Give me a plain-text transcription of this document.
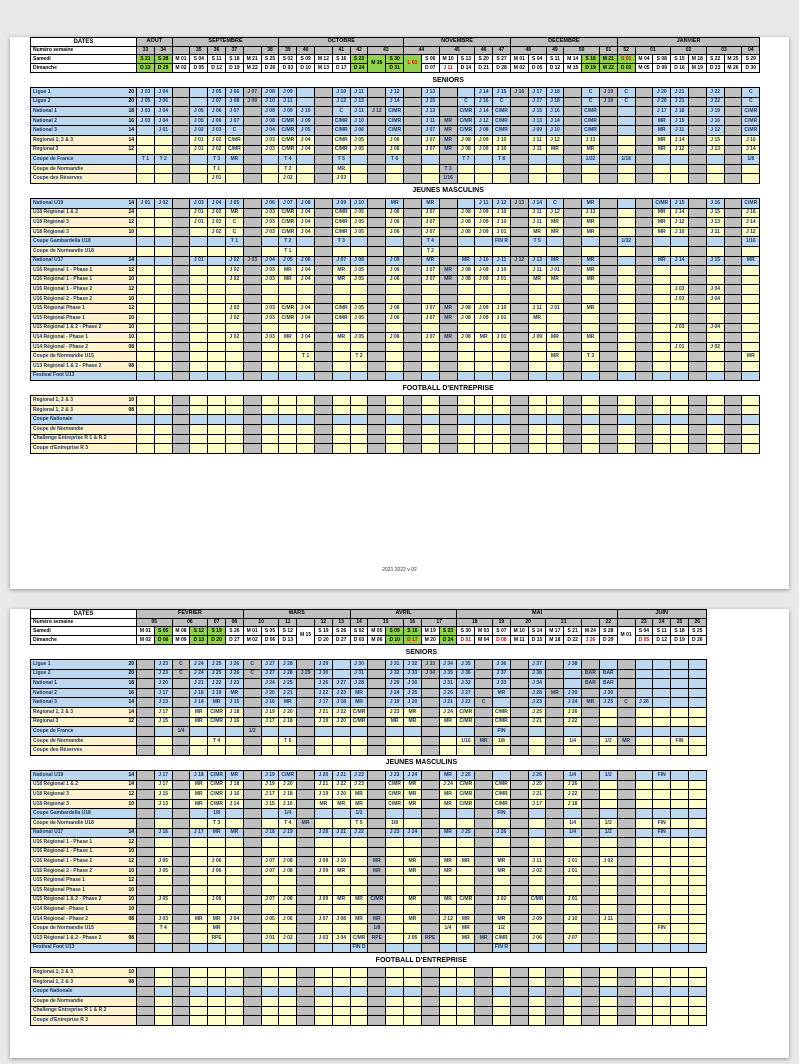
DATES	AOUT		SEPTEMBRE						OCTOBRE							NOVEMBRE						DECEMBRE						JANVIER							
Numéro semaine	33	34		35	36	37		38	39	40		41	42	43		44		45		46	47	48		49	50		51	52	01		02		03		04
Samedi	S 21	S 28	M 01	S 04	S 11	S 18	M 21	S 25	S 02	S 09	M 12	S 16	S 23	M 26	S 30	L 01	S 06	M 10	S 13	S 20	S 27	M 01	S 04	S 11	M 14	S 18	M 21	S 01	M 04	S 08	S 15	M 18	S 22	M 25	S 29
Dimanche	D 22	D 29	M 02	D 05	D 12	D 19	M 22	D 26	D 03	D 10	M 13	D 17	D 24		D 31		D 07	J 11	D 14	D 21	D 28	M 02	D 05	D 12	M 15	D 19	M 22	D 02	M 05	D 09	D 16	M 19	D 23	M 26	D 30
	SENIORS																																		

Ligue 1 20	J 03	J 04			J 05	J 06	J 07	J 08	J 09			J 10	J 11		J 12		J 13			J 14	J 15	J 16	J 17	J 18		C	J 19	C		J 20	J 21		J 22		C

Ligue 2 20	J 05	J 06			J 07	J 08	J 09	J 10	J 11			J 12	J 13		J 14		J 15		C	J 16	C		J 17	J 18		C	J 19	C		J 20	J 21		J 22		C

National 1 18	J 03	J 04		J 05	J 06	J 07		J 08	J 09	J 10		C	J 11	J 12	C/MR		J 13		C/MR	J 14	C/MR		J 15	J 16		C/MR				J 17	J 18		J 19		C/MR

National 2 16	J 03	J 04		J 05	J 06	J 07		J 08	C/MR	J 09		C/MR	J 10		C/MR		J 11	MR	C/MR	J 12	C/MR		J 13	J 14		C/MR				MR	J 15		J 16		C/MR

National 3 14		J 01		J 02	J 03	C		J 04	C/MR	J 05		C/MR	J 06		C/MR		J 07	MR	C/MR	J 08	C/MR		J 09	J 10		C/MR				MR	J 11		J 12		C/MR

Régional 1, 2 & 3 14				J 01	J 02	C/MR		J 03	C/MR	J 04		C/MR	J 05		J 06		J 07	MR	J 08	J 09	J 10		J 11	J 12		J 13				MR	J 14		J 15		J 16

Régional 3 12				J 01	J 02	C/MR		J 03	C/MR	J 04		C/MR	J 05		J 06		J 07	MR	J 08	J 09	J 10		J 11	MR		MR				MR	J 12		J 13		J 14

Coupe de France	T 1	T 2			T 3	MR			T 4			T 5			T 6				T 7		T 8					1/32		1/16							1/8

Coupe de Normandie					T 1				T 2			MR						T 3																	

Coupe des Réserves					J 01				J 02			J 03						1/16																	
	JEUNES MASCULINS																																		

National U19 14	J 01	J 02		J 03	J 04	J 05		J 06	J 07	J 08		J 09	J 10		MR		MR			J 11	J 12	J 13	J 14	C		MR				C/MR	J 15		J 16		C/MR

U18 Régional 1 & 2 14				J 01	J 02	MR		J 03	C/MR	J 04		C/MR	J 05		J 06		J 07		J 08	J 09	J 10		J 11	J 12		J 13				MR	J 14		J 15		J 16

U18 Régional 3 12				J 01	J 02	C		J 03	C/MR	J 04		C/MR	J 05		J 06		J 07		J 08	J 09	J 10		J 11	MR		MR				MR	J 12		J 13		J 14

U18 Régional 3 10					J 02	C		J 03	C/MR	J 04		C/MR	J 05		J 06		J 07		J 08	J 09	J 01		MR	MR		MR				MR	J 10		J 11		J 12

Coupe Gambardella U18						T 1			T 2			T 3					T 4				FIN R		T 5					1/32							1/16

Coupe de Normandie U18									T 1								T 2																		

National U17 14				J 01		J 02	J 03	J 04	J 05	J 06		J 07	J 08		J 09		MR		MR	J 10	J 11	J 12	J 13	MR		MR				MR	J 14		J 15		MR

U16 Régional 1 - Phase 1 12						J 02		J 03	MR	J 04		MR	J 05		J 06		J 07	MR	J 08	J 09	J 10		J 11	J 01		MR									

U16 Régional 1 - Phase 1 10						J 02		J 03	MR	J 04		MR	J 05		J 06		J 07	MR	J 08	J 09	J 01		MR	MR		MR									

U16 Régional 1 - Phase 2 12																															J 03		J 04		

U16 Régional 2 - Phase 2 10																															J 03		J 04		

U15 Régional Phase 1 12						J 02		J 03	C/MR	J 04		C/MR	J 05		J 06		J 07	MR	J 08	J 09	J 10		J 11	J 01		MR									

U15 Régional Phase 1 10						J 02		J 03	C/MR	J 04		C/MR	J 05		J 06		J 07	MR	J 08	J 09	J 01		MR												

U15 Régional 1 & 2 - Phase 2 10																															J 03		J 04		

U14 Régional - Phase 1 10						J 02		J 03	MR	J 04		MR	J 05		J 06		J 07	MR	J 08	MR	J 01		J 09	MR		MR									

U14 Régional - Phase 2 08																															J 01		J 02		

Coupe de Normandie U15										T 1			T 2											MR		T 3									MR

U13 Régional 1 & 2 - Phase 2 08																																			

Festival Foot U13																																			

	FOOTBALL D'ENTREPRISE																																		

Régional 1, 2 & 3 10																																			

Régional 1, 2 & 3 08																																			

Coupe Nationale																																			

Coupe de Normandie																																			

Challenge Entreprise R 1 & R 2																																			

Coupe d'Entreprise R 3																																			

2021 2022 v 02
DATES	FEVRIER						MARS						AVRIL						MAI									JUIN				
Numéro semaine	05		06		07	08	10		11		12	13	14	15		16	17		18		19	20		21			22		23	24	25	26
Samedi	M 01	S 05	M 08	S 12	S 19	S 26	M 01	S 05	S 12	M 15	S 19	S 26	S 02	M 05	S 09	S 16	M 19	S 23	S 30	M 03	S 07	M 10	S 14	M 17	S 21	M 24	S 28	M 01	S 04	S 11	S 18	S 25
Dimanche	M 02	D 06	M 09	D 13	D 20	D 27	M 02	D 06	D 13		D 20	D 27	D 03	M 06	D 10	D 17	M 20	D 24	D 01	M 04	D 08	M 11	D 15	M 18	D 22	J 26	D 29		D 05	D 12	D 19	D 26
	SENIORS																															

Ligue 1 20		J 23	C	J 24	J 25	J 26	C	J 27	J 28		J 29		J 30		J 31	J 32	J 33	J 34	J 35		J 36		J 37		J 38							

Ligue 2 20		J 23	C	J 24	J 25	J 26	C	J 27	J 28	J 29	J 30		J 31		J 32	J 33	J 34	J 35	J 36		J 37		J 38			BAR	BAR					

National 1 18		J 20		J 21	J 22	J 23		J 24	J 25		J 26	J 27	J 28		J 29	J 30		J 31	J 32		J 33		J 34			BAR	BAR					

National 2 16		J 17		J 18	J 19	MR		J 20	J 21		J 22	J 23	MR		J 24	J 25		J 26	J 27		MR		J 28	MR	J 29		J 30					

National 3 14		J 13		J 14	MR	J 15		J 16	MR		J 17	J 18	MR		J 19	J 20		J 21	J 22	C			J 23		J 24	MR	J 25	C	J 26			

Régional 1, 2 & 3 14		J 17		MR	C/MR	J 18		J 19	J 20		J 21	J 22	C/MR		J 23	MR		J 24	C/MR		C/MR		J 25		J 26							

Régional 3 12		J 15		MR	C/MR	J 16		J 17	J 18		J 19	J 20	C/MR		MR	MR		MR	C/MR		C/MR		J 21		J 22							

Coupe de France			1/4				1/2														FIN											

Coupe de Normandie					T 4				T 5										1/16	MR	1/8				1/4		1/2	MR			FIN	

Coupe des Réserves																																

	JEUNES MASCULINS																															

National U19 14		J 17		J 18	C/MR	MR		J 19	C/MR		J 20	J 21	J 22		J 23	J 24		MR	J 25				J 26		1/4		1/2			FIN		

U18 Régional 1 & 2 14		J 17		MR	C/MR	J 18		J 19	J 20		J 21	J 22	J 23		C/MR	MR		J 24	C/MR		C/MR		J 25		J 26							

U18 Régional 3 12		J 15		MR	C/MR	J 16		J 17	J 18		J 19	J 20	MR		C/MR	MR		MR	C/MR		C/MR		J 21		J 22							

U18 Régional 3 10		J 13		MR	C/MR	J 14		J 15	J 16		MR	MR	MR		C/MR	MR		MR	C/MR		C/MR		J 17		J 18							

Coupe Gambardella U18					1/8				1/4				1/2								FIN											

Coupe de Normandie U18					T 3				T 4	MR			T 5		1/8										1/4		1/2			FIN		

National U17 14		J 16		J 17	MR	MR		J 18	J 19		J 20	J 21	J 22		J 23	J 24		MR	J 25		J 26				1/4		1/2			FIN		

U16 Régional 1 - Phase 1 12																																

U16 Régional 1 - Phase 1 10																																

U16 Régional 1 - Phase 2 12		J 05			J 06			J 07	J 08		J 09	J 10		MR		MR		MR	MR		MR		J 11		J 01		J 02					

U16 Régional 2 - Phase 2 10		J 05			J 06			J 07	J 08		J 09	MR		MR		MR		MR			MR		J 02		J 01							

U15 Régional Phase 1 12																																

U15 Régional Phase 1 10																																

U15 Régional 1 & 2 - Phase 2 10		J 05			J 06			J 07	J 08		J 09	MR	MR	C/MR		MR		MR	C/MR		J 02		C/MR		J 01							

U14 Régional - Phase 1 10																																

U14 Régional - Phase 2 08		J 03		MR	MR	J 04		J 05	J 06		J 07	J 08	MR	MR		MR		J 12	MR		MR		J 09		J 10		J 11					

Coupe de Normandie U15		T 4			MR									1/8				1/4	MR		1/2									FIN		

U13 Régional 1 & 2 - Phase 2 08					RPE			J 01	J 02		J 03	J 04	C/MR	RPE		J 05	RPE		MR	MR	C/MR		J 06		J 07							

Festival Foot U13													FIN D								FIN R											
	FOOTBALL D'ENTREPRISE																															

Régional 1, 2 & 3 10																																

Régional 1, 2 & 3 08																																

Coupe Nationale																																

Coupe de Normandie																																

Challenge Entreprise R 1 & R 2																																

Coupe d'Entreprise R 3																																
